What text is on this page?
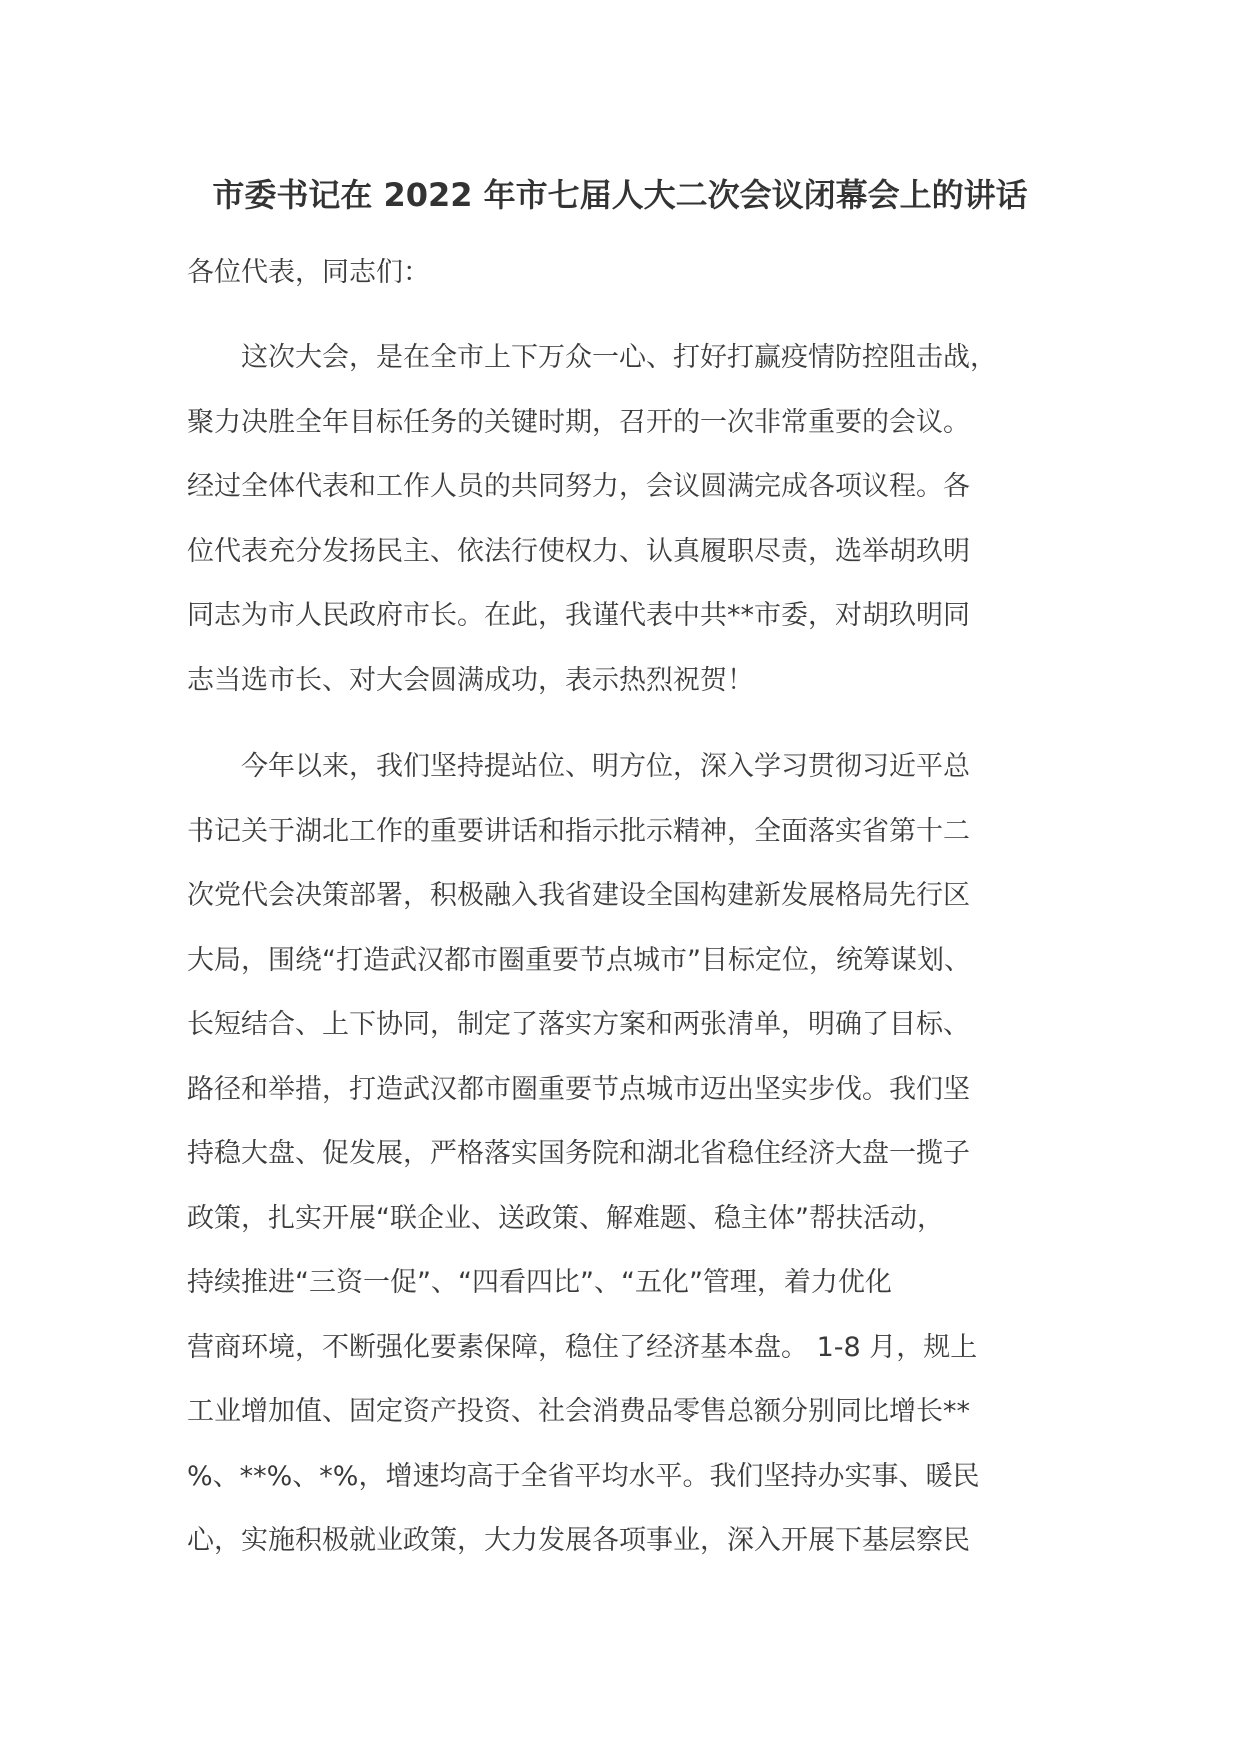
市委书记在 2022 年市七届人大二次会议闭幕会上的讲话

各位代表，同志们：

这次大会，是在全市上下万众一心、打好打赢疫情防控阻击战，
聚力决胜全年目标任务的关键时期，召开的一次非常重要的会议。
经过全体代表和工作人员的共同努力，会议圆满完成各项议程。各
位代表充分发扬民主、依法行使权力、认真履职尽责，选举胡玖明
同志为市人民政府市长。在此，我谨代表中共**市委，对胡玖明同
志当选市长、对大会圆满成功，表示热烈祝贺！
今年以来，我们坚持提站位、明方位，深入学习贯彻习近平总
书记关于湖北工作的重要讲话和指示批示精神，全面落实省第十二
次党代会决策部署，积极融入我省建设全国构建新发展格局先行区
大局，围绕“打造武汉都市圈重要节点城市”目标定位，统筹谋划、
长短结合、上下协同，制定了落实方案和两张清单，明确了目标、
路径和举措，打造武汉都市圈重要节点城市迈出坚实步伐。我们坚
持稳大盘、促发展，严格落实国务院和湖北省稳住经济大盘一揽子
政策，扎实开展“联企业、送政策、解难题、稳主体”帮扶活动，
持续推进“三资一促”、“四看四比”、“五化”管理，着力优化
营商环境，不断强化要素保障，稳住了经济基本盘。 1-8 月，规上
工业增加值、固定资产投资、社会消费品零售总额分别同比增长**
%、**%、*%，增速均高于全省平均水平。我们坚持办实事、暖民
心，实施积极就业政策，大力发展各项事业，深入开展下基层察民
